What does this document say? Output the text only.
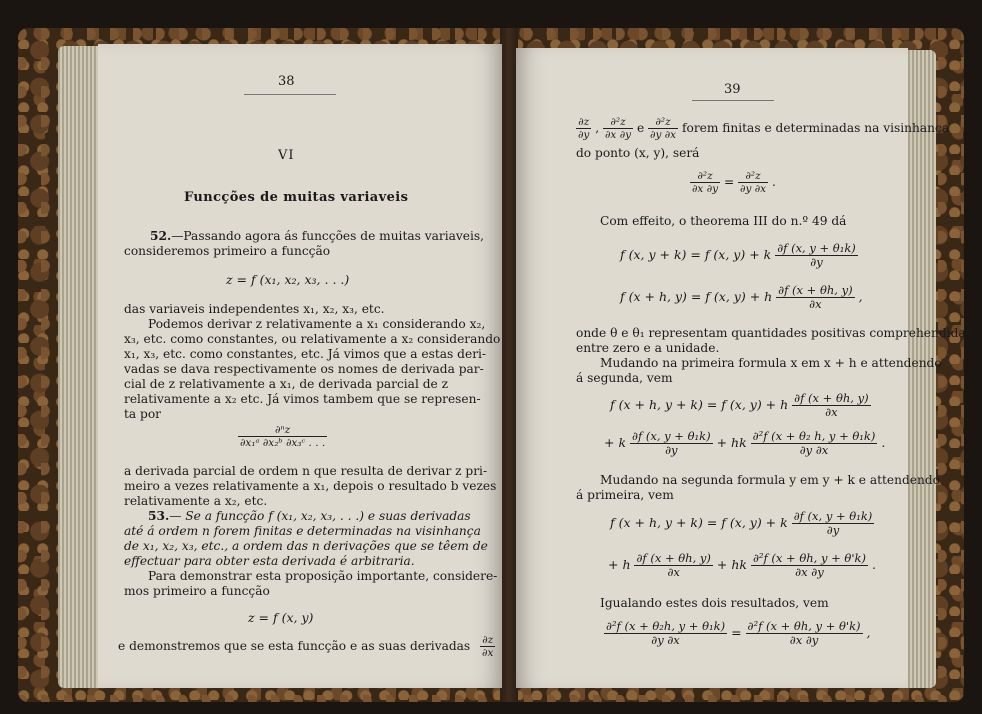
38
VI
Funcções de muitas variaveis
52.—Passando agora ás funcções de muitas variaveis,
consideremos primeiro a funcção
z = f (x₁, x₂, x₃, . . .)
das variaveis independentes x₁, x₂, x₃, etc.
Podemos derivar z relativamente a x₁ considerando x₂,
x₃, etc. como constantes, ou relativamente a x₂ considerando
x₁, x₃, etc. como constantes, etc. Já vimos que a estas deri-
vadas se dava respectivamente os nomes de derivada par-
cial de z relativamente a x₁, de derivada parcial de z
relativamente a x₂ etc. Já vimos tambem que se represen-
ta por
$\frac{\text{∂ⁿz}}{\text{∂x₁ᵃ ∂x₂ᵇ ∂x₃ᶜ . . .}}$
a derivada parcial de ordem n que resulta de derivar z pri-
meiro a vezes relativamente a x₁, depois o resultado b vezes
relativamente a x₂, etc.
53.— Se a funcção f (x₁, x₂, x₃, . . .) e suas derivadas
até á ordem n forem finitas e determinadas na visinhança
de x₁, x₂, x₃, etc., a ordem das n derivações que se têem de
effectuar para obter esta derivada é arbitraria.
Para demonstrar esta proposição importante, considere-
mos primeiro a funcção
z = f (x, y)
e demonstremos que se esta funcção e as suas derivadas $\frac{\partial z}{\partial x}$
39
$\frac{\partial z}{\partial y}$ , $\frac{\text{∂²z}}{\partial x \partial y}$ e $\frac{\text{∂²z}}{\partial y \partial x}$ forem finitas e determinadas na visinhança
do ponto (x, y), será
$\frac{\text{∂²z}}{\partial x \partial y} = \frac{\text{∂²z}}{\partial y \partial x}$ .
Com effeito, o theorema III do n.º 49 dá
f (x, y + k) = f (x, y) + k $\frac{\text{∂f (x, y + θ₁k)}}{\partial y}$
f (x + h, y) = f (x, y) + h $\frac{\partial f (x + \theta h, y)}{\partial x}$ ,
onde θ e θ₁ representam quantidades positivas comprehendidas
entre zero e a unidade.
Mudando na primeira formula x em x + h e attendendo
á segunda, vem
f (x + h, y + k) = f (x, y) + h $\frac{\partial f (x + \theta h, y)}{\partial x}$
+ k $\frac{\text{∂f (x, y + θ₁k)}}{\partial y}$ + hk $\frac{\text{∂²f (x + θ₂ h, y + θ₁k)}}{\partial y \partial x}$ .
Mudando na segunda formula y em y + k e attendendo
á primeira, vem
f (x + h, y + k) = f (x, y) + k $\frac{\text{∂f (x, y + θ₁k)}}{\partial y}$
+ h $\frac{\partial f (x + \theta h, y)}{\partial x}$ + hk $\frac{\text{∂²f (x + θh, y + θ'k)}}{\partial x \partial y}$ .
Igualando estes dois resultados, vem
$\frac{\text{∂²f (x + θ₂h, y + θ₁k)}}{\partial y \partial x} = \frac{\text{∂²f (x + θh, y + θ'k)}}{\partial x \partial y}$ ,
